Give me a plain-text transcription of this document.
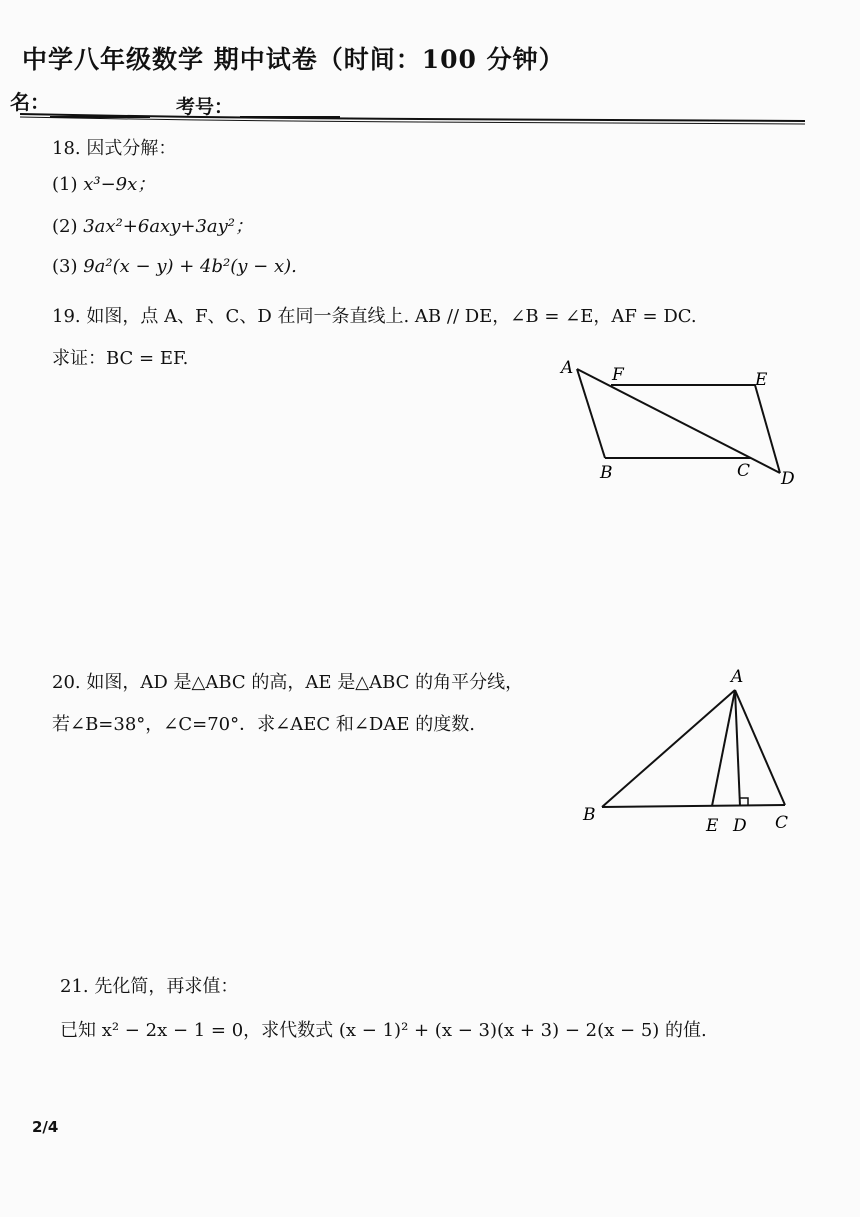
中学八年级数学 期中试卷（时间：100 分钟）
名：	考号：
18. 因式分解：
(1) x³−9x；
(2) 3ax²+6axy+3ay²；
(3) 9a²(x − y) + 4b²(y − x).
19. 如图，点 A、F、C、D 在同一条直线上. AB // DE，∠B = ∠E，AF = DC.
求证：BC = EF.	A F	E
B	C D
20. 如图，AD 是△ABC 的高，AE 是△ABC 的角平分线，
若∠B=38°，∠C=70°．求∠AEC 和∠DAE 的度数.
A
B
E D C
21. 先化简，再求值：
已知 x² − 2x − 1 = 0，求代数式 (x − 1)² + (x − 3)(x + 3) − 2(x − 5) 的值.
2/4
